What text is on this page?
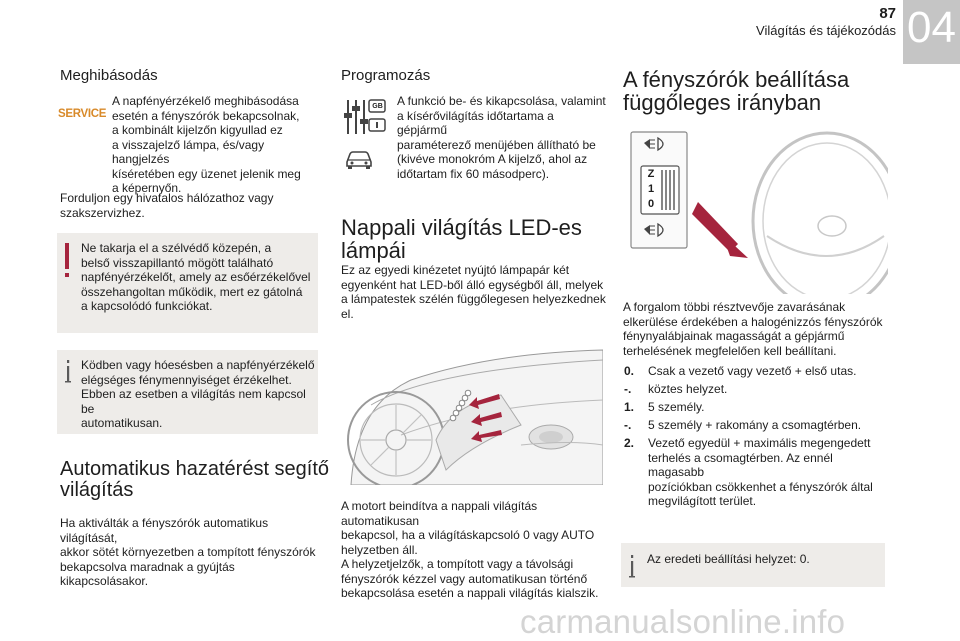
04
87
Világítás és tájékozódás
Meghibásodás
SERVICE
A napfényérzékelő meghibásodása
esetén a fényszórók bekapcsolnak,
a kombinált kijelzőn kigyullad ez
a visszajelző lámpa, és/vagy hangjelzés
kíséretében egy üzenet jelenik meg
a képernyőn.
Forduljon egy hivatalos hálózathoz vagy
szakszervizhez.
Ne takarja el a szélvédő közepén, a
belső visszapillantó mögött található
napfényérzékelőt, amely az esőérzékelővel
összehangoltan működik, mert ez gátolná
a kapcsolódó funkciókat.
Ködben vagy hóesésben a napfényérzékelő
elégséges fénymennyiséget érzékelhet.
Ebben az esetben a világítás nem kapcsol be
automatikusan.
Automatikus hazatérést segítő
világítás
Ha aktiválták a fényszórók automatikus világítását,
akkor sötét környezetben a tompított fényszórók
bekapcsolva maradnak a gyújtás kikapcsolásakor.
Programozás
GB A funkció be- és kikapcsolása, valamint
a kísérővilágítás időtartama a gépjármű
paraméterező menüjében állítható be
(kivéve monokróm A kijelző, ahol az
időtartam fix 60 másodperc).
Nappali világítás LED-es
lámpái
Ez az egyedi kinézetet nyújtó lámpapár két
egyenként hat LED-ből álló egységből áll, melyek
a lámpatestek szélén függőlegesen helyezkednek el.
A motort beindítva a nappali világítás automatikusan
bekapcsol, ha a világításkapcsoló 0 vagy AUTO
helyzetben áll.
A helyzetjelzők, a tompított vagy a távolsági
fényszórók kézzel vagy automatikusan történő
bekapcsolása esetén a nappali világítás kialszik.
A fényszórók beállítása
függőleges irányban
Z
1
0
A forgalom többi résztvevője zavarásának
elkerülése érdekében a halogénizzós fényszórók
fénynyalábjainak magasságát a gépjármű
terhelésének megfelelően kell beállítani.
0. Csak a vezető vagy vezető + első utas.
-. köztes helyzet.
1. 5 személy.
-. 5 személy + rakomány a csomagtérben.
2. Vezető egyedül + maximális megengedett
terhelés a csomagtérben. Az ennél magasabb
pozíciókban csökkenhet a fényszórók által
megvilágított terület.
Az eredeti beállítási helyzet: 0.
carmanualsonline.info
